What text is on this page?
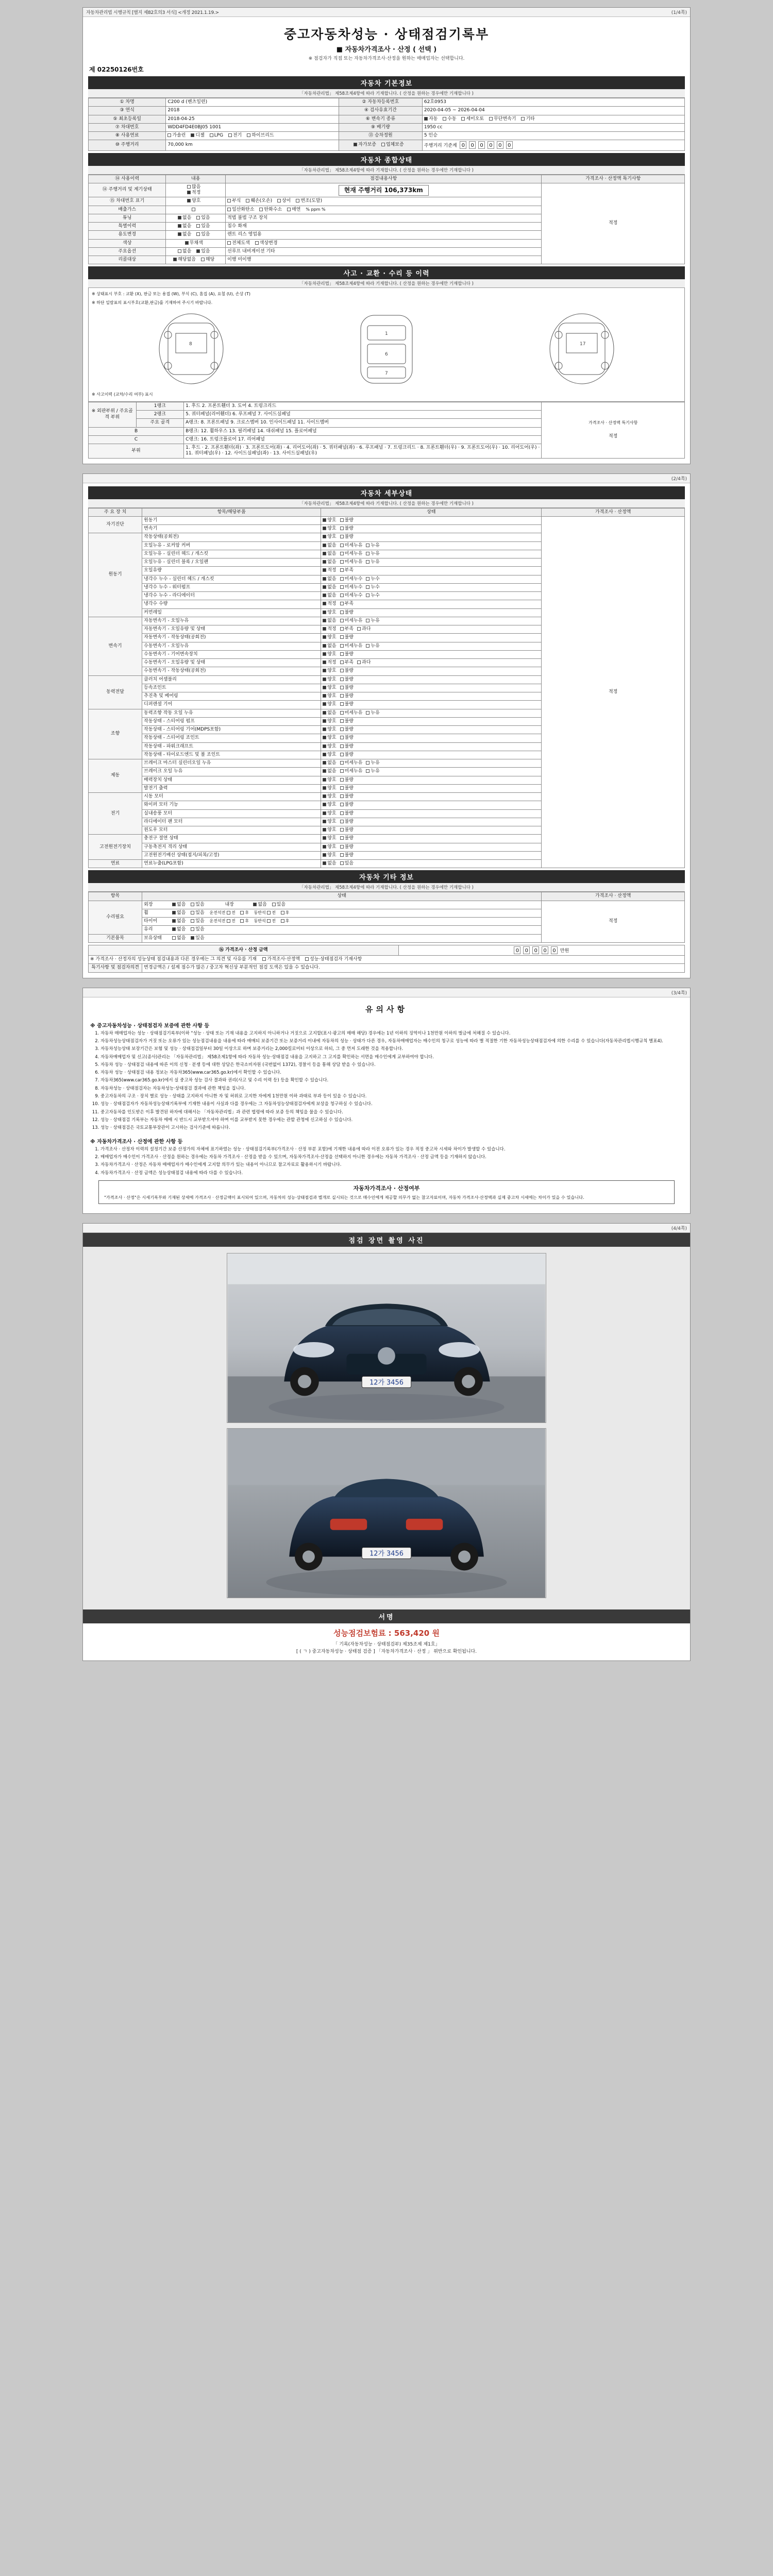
자동차관리법 시행규칙 [별지 제82호의3 서식] <개정 2021.1.19.>	(1/4쪽)
중고자동차성능 · 상태점검기록부
■ 자동차가격조사 · 산정 ( 선택 )
※ 점검자가 직접 또는 자동차가격조사·산정을 원하는 매매업자는 선택합니다.
제 02250126번호
자동차 기본정보
「자동차관리법」 제58조제4항에 따라 기재합니다. ( 산정을 원하는 경우에만 기재합니다 )
① 차명	C200 d (벤츠일련)	② 자동차등록번호	62호0953
③ 연식	2018	④ 검사유효기간	2020-04-05 ~ 2026-04-04
⑤ 최초등록일	2018-04-25	⑥ 변속기 종류	자동 수동 세미오토 무단변속기 기타
⑦ 차대번호	WDD4FD4E0BJ05 1001	⑨ 배기량	1950 cc
⑧ 사용연료	가솔린 디젤 LPG 전기 하이브리드	⑬ 승차정원	5 인승
⑩ 주행거리	70,000 km	자가보증 업체보증	주행거리 기준계 0 0 0 0 0 0
자동차 종합상태
「자동차관리법」 제58조제4항에 따라 기재합니다. ( 산정을 원하는 경우에만 기재합니다 )
⑭ 사용이력	내용	점검내용사항	가격조사 · 산정액 특기사항
⑭ 주행거리 및 계기상태	많음
적정	현재 주행거리 106,373km	적정
⑮ 차대번호 표기	양호	부식 훼손(오손) 상이 변조(도말)	
배출가스		일산화탄소 탄화수소 매연 % ppm %	
튜닝	없음 있음	적법 불법 구조 장치	
특별이력	없음 있음	침수 화재	
용도변경	없음 있음	렌트 리스 영업용	
색상	무채색	전체도색 색상변경	
주요옵션	없음 있음	선루프 내비게이션 기타	
리콜대상	해당없음 해당	이행 미이행	
사고 · 교환 · 수리 등 이력
「자동차관리법」 제58조제4항에 따라 기재합니다. ( 산정을 원하는 경우에만 기재합니다 )
※ 상태표시 부호 : 교환 (X), 판금 또는 용접 (W), 부식 (C), 흠집 (A), 요철 (U), 손상 (T)
※ 하단 일람표의 표시부호(교환,판금)를 기재하여 주시기 바랍니다.
8
1
6
7
17
※ 사고이력 (교차/수리 여부) 표시
※ 외판부위 / 주요골격 부위	1랭크	1. 후드 2. 프론트휀더 3. 도어 4. 트렁크리드	가격조사 · 산정액 특기사항
적정

	2랭크	5. 쿼터패널(리어휀더) 6. 루프패널 7. 사이드실패널	
	주요 골격	A랭크: 8. 프론트패널 9. 크로스멤버 10. 인사이드패널 11. 사이드멤버	
B		B랭크: 12. 휠하우스 13. 필러패널 14. 대쉬패널 15. 플로어패널	
C		C랭크: 16. 트렁크플로어 17. 리어패널	
부위		1. 후드 · 2. 프론트휀더(좌) · 3. 프론트도어(좌) · 4. 리어도어(좌) · 5. 쿼터패널(좌) · 6. 루프패널 · 7. 트렁크리드 · 8. 프론트휀더(우) · 9. 프론트도어(우) · 10. 리어도어(우) · 11. 쿼터패널(우) · 12. 사이드실패널(좌) · 13. 사이드실패널(우)	

(2/4쪽)
자동차 세부상태
「자동차관리법」 제58조제4항에 따라 기재합니다. ( 산정을 원하는 경우에만 기재합니다 )
주 요 장 치	항목/해당부품	상태	가격조사 · 산정액
자기진단	원동기	양호 불량	적정
	변속기	양호 불량	
원동기	작동상태(공회전)	양호 불량	
	오일누유 - 로커암 커버	없음 미세누유 누유	
	오일누유 - 실린더 헤드 / 개스킷	없음 미세누유 누유	
	오일누유 - 실린더 블록 / 오일팬	없음 미세누유 누유	
	오일유량	적정 부족	
	냉각수 누수 - 실린더 헤드 / 개스킷	없음 미세누수 누수	
	냉각수 누수 - 워터펌프	없음 미세누수 누수	
	냉각수 누수 - 라디에이터	없음 미세누수 누수	
	냉각수 수량	적정 부족	
	커먼레일	양호 불량	
변속기	자동변속기 - 오일누유	없음 미세누유 누유	
	자동변속기 - 오일유량 및 상태	적정 부족 과다	
	자동변속기 - 작동상태(공회전)	양호 불량	
	수동변속기 - 오일누유	없음 미세누유 누유	
	수동변속기 - 기어변속장치	양호 불량	
	수동변속기 - 오일유량 및 상태	적정 부족 과다	
	수동변속기 - 작동상태(공회전)	양호 불량	
동력전달	클러치 어셈블리	양호 불량	
	등속조인트	양호 불량	
	추진축 및 베어링	양호 불량	
	디퍼렌셜 기어	양호 불량	
조향	동력조향 작동 오일 누유	없음 미세누유 누유	
	작동상태 - 스티어링 펌프	양호 불량	
	작동상태 - 스티어링 기어(MDPS포함)	양호 불량	
	작동상태 - 스티어링 조인트	양호 불량	
	작동상태 - 파워크래프트	양호 불량	
	작동상태 - 타이로드엔드 및 볼 조인트	양호 불량	
제동	브레이크 마스터 실린더오일 누유	없음 미세누유 누유	
	브레이크 오일 누유	없음 미세누유 누유	
	배력장치 상태	양호 불량	
	발전기 출력	양호 불량	
전기	시동 모터	양호 불량	
	와이퍼 모터 기능	양호 불량	
	실내송풍 모터	양호 불량	
	라디에이터 팬 모터	양호 불량	
	윈도우 모터	양호 불량	
고전원전기장치	충전구 절연 상태	양호 불량	
	구동축전지 격리 상태	양호 불량	
	고전원전기배선 상태(접지/피복/고정)	양호 불량	
연료	연료누출(LPG포함)	없음 있음	
자동차 기타 정보
「자동차관리법」 제58조제4항에 따라 기재합니다. ( 산정을 원하는 경우에만 기재합니다 )
항목	상태	가격조사 · 산정액
수리필요	외장 없음 있음 내장 없음 있음	적정
	휠 없음 있음 운전석전 전 후 동반석 전 후	
	타이어 없음 있음 운전석전 전 후 동반석 전 후	
	유리 없음 있음	
기본품목	보유상태 없음 있음	
⑯ 가격조사 · 산정 금액		0 0 0 0 0 만원
※ 가격조사 · 산정자의 성능상태 점검내용과 다른 경우에는 그 의견 및 사유를 기재 가격조사·산정액 성능·상태점검자 기재사항		
특기사항 및 점검자의견	변경금액은 / 설계 점수가 많은 / 중고차 혁신상 부분적인 점검 도색은 있을 수 있습니다.	

(3/4쪽)
유의사항
※ 중고자동차성능 · 상태점검자 보증에 관한 사항 등
1. 자동차 매매업자는 성능 · 상태점검기록부(이하 "성능 · 상태 또는 기재 내용을 고지하지 아니하거나 거짓으로 고지할(표시·광고의 매매 해당) 경우에는 1년 이하의 징역이나 1천만원 이하의 벌금에 처해질 수 있습니다.
2. 자동차성능상태점검자가 거짓 또는 오류가 있는 성능점검내용을 내용에 따라 매매되 보증기간 또는 보증거리 이내에 자동차의 성능 · 상태가 다른 경우, 자동차매매업자는 매수인의 청구로 성능에 따라 별 적절한 기한 자동차성능상태점검자에 의한 수리를 수 있습니다(자동차관리법시행규칙 별표4).
3. 자동차성능상태 보장기간은 보험 및 성능 · 상태점검일부터 30일 이상으로 하며 보증거리는 2,000킬로미터 이상으로 하되, 그 중 먼저 도래한 것을 적용합니다.
4. 자동차매매업자 및 신고(종사)관리는 「자동차관리법」 제58조제1항에 따라 자동차 성능·상태점검 내용을 고지하고 그 고지를 확인하는 서면을 매수인에게 교부하여야 합니다.
5. 자동차 성능 · 상태점검 내용에 따른 이의 신청 · 분쟁 등에 대한 상담은 한국소비자원 (국번없이 1372), 경찰서 등을 통해 상담 받을 수 있습니다.
6. 자동차 성능 · 상태점검 내용 정보는 자동차365(www.car365.go.kr)에서 확인할 수 있습니다.
7. 자동차365(www.car365.go.kr)에서 실 중고차 성능 검사 결과와 권리(사고 및 수리 이력 등) 등을 확인할 수 있습니다.
8. 자동차성능 · 상태점검자는 자동차성능·상태점검 결과에 관한 책임을 집니다.
9. 중고자동차의 구조 · 장치 별로 성능 · 상태를 고지하지 아니한 자 및 허위로 고지한 자에게 1천만원 이하 과태료 부과 등이 있을 수 있습니다.
10. 성능 · 상태점검자가 자동차성능상태기록부에 기재한 내용이 사실과 다를 경우에는 그 자동차성능상태점검자에게 보상을 청구하실 수 있습니다.
11. 중고자동차를 인도받은 이후 발견된 하자에 대해서는 「자동차관리법」과 관련 법령에 따라 보증 등의 책임을 물을 수 있습니다.
12. 성능 · 상태점검 기록부는 자동차 매매 시 반드시 교부받으셔야 하며 이를 교부받지 못한 경우에는 관할 관청에 신고하실 수 있습니다.
13. 성능 · 상태점검은 국토교통부장관이 고시하는 검사기준에 따릅니다.
※ 자동차가격조사 · 산정에 관한 사항 등
1. 가격조사 · 산정자 이력의 설정기간 보증 산정가의 자체에 표기하였는 성능 · 상태점검기록부(가격조사 · 산정 부분 포함)에 기재한 내용에 따라 이전 오류가 있는 경우 적정 중고차 시세와 차이가 발생할 수 있습니다.
2. 매매업자가 매수인이 가격조사 · 산정을 원하는 경우에는 자동차 가격조사 · 산정을 받을 수 있으며, 자동차가격조사·산정을 선택하지 아니한 경우에는 자동차 가격조사 · 산정 금액 등을 기재하지 않습니다.
3. 자동차가격조사 · 산정은 자동차 매매업자가 매수인에게 고지할 의무가 있는 내용이 아니므로 참고자료로 활용하시기 바랍니다.
4. 자동차가격조사 · 산정 금액은 성능상태점검 내용에 따라 다를 수 있습니다.
자동차가격조사 · 산정여부
"가격조사 · 산정"은 시세기록부와 기재된 상세에 가격조사 · 산정금액이 표시되어 있으며, 자동차의 성능·상태점검과 별개로 실시되는 것으로 매수인에게 제공할 의무가 없는 참고자료이며, 자동차 가격조사·산정액과 실제 중고차 시세에는 차이가 있을 수 있습니다.

(4/4쪽)
점검 장면 촬영 사진
12가 3456
12가 3456
서명
성능점검보험료 : 563,420 원
「 기록(자동차성능 · 상태점검부) 제35조제 제1호」
[ ( ㄱ ) 중고자동차성능 · 상태점 검증 ] 「자동차가격조사 · 산정 」 위반으로 확인됩니다.
